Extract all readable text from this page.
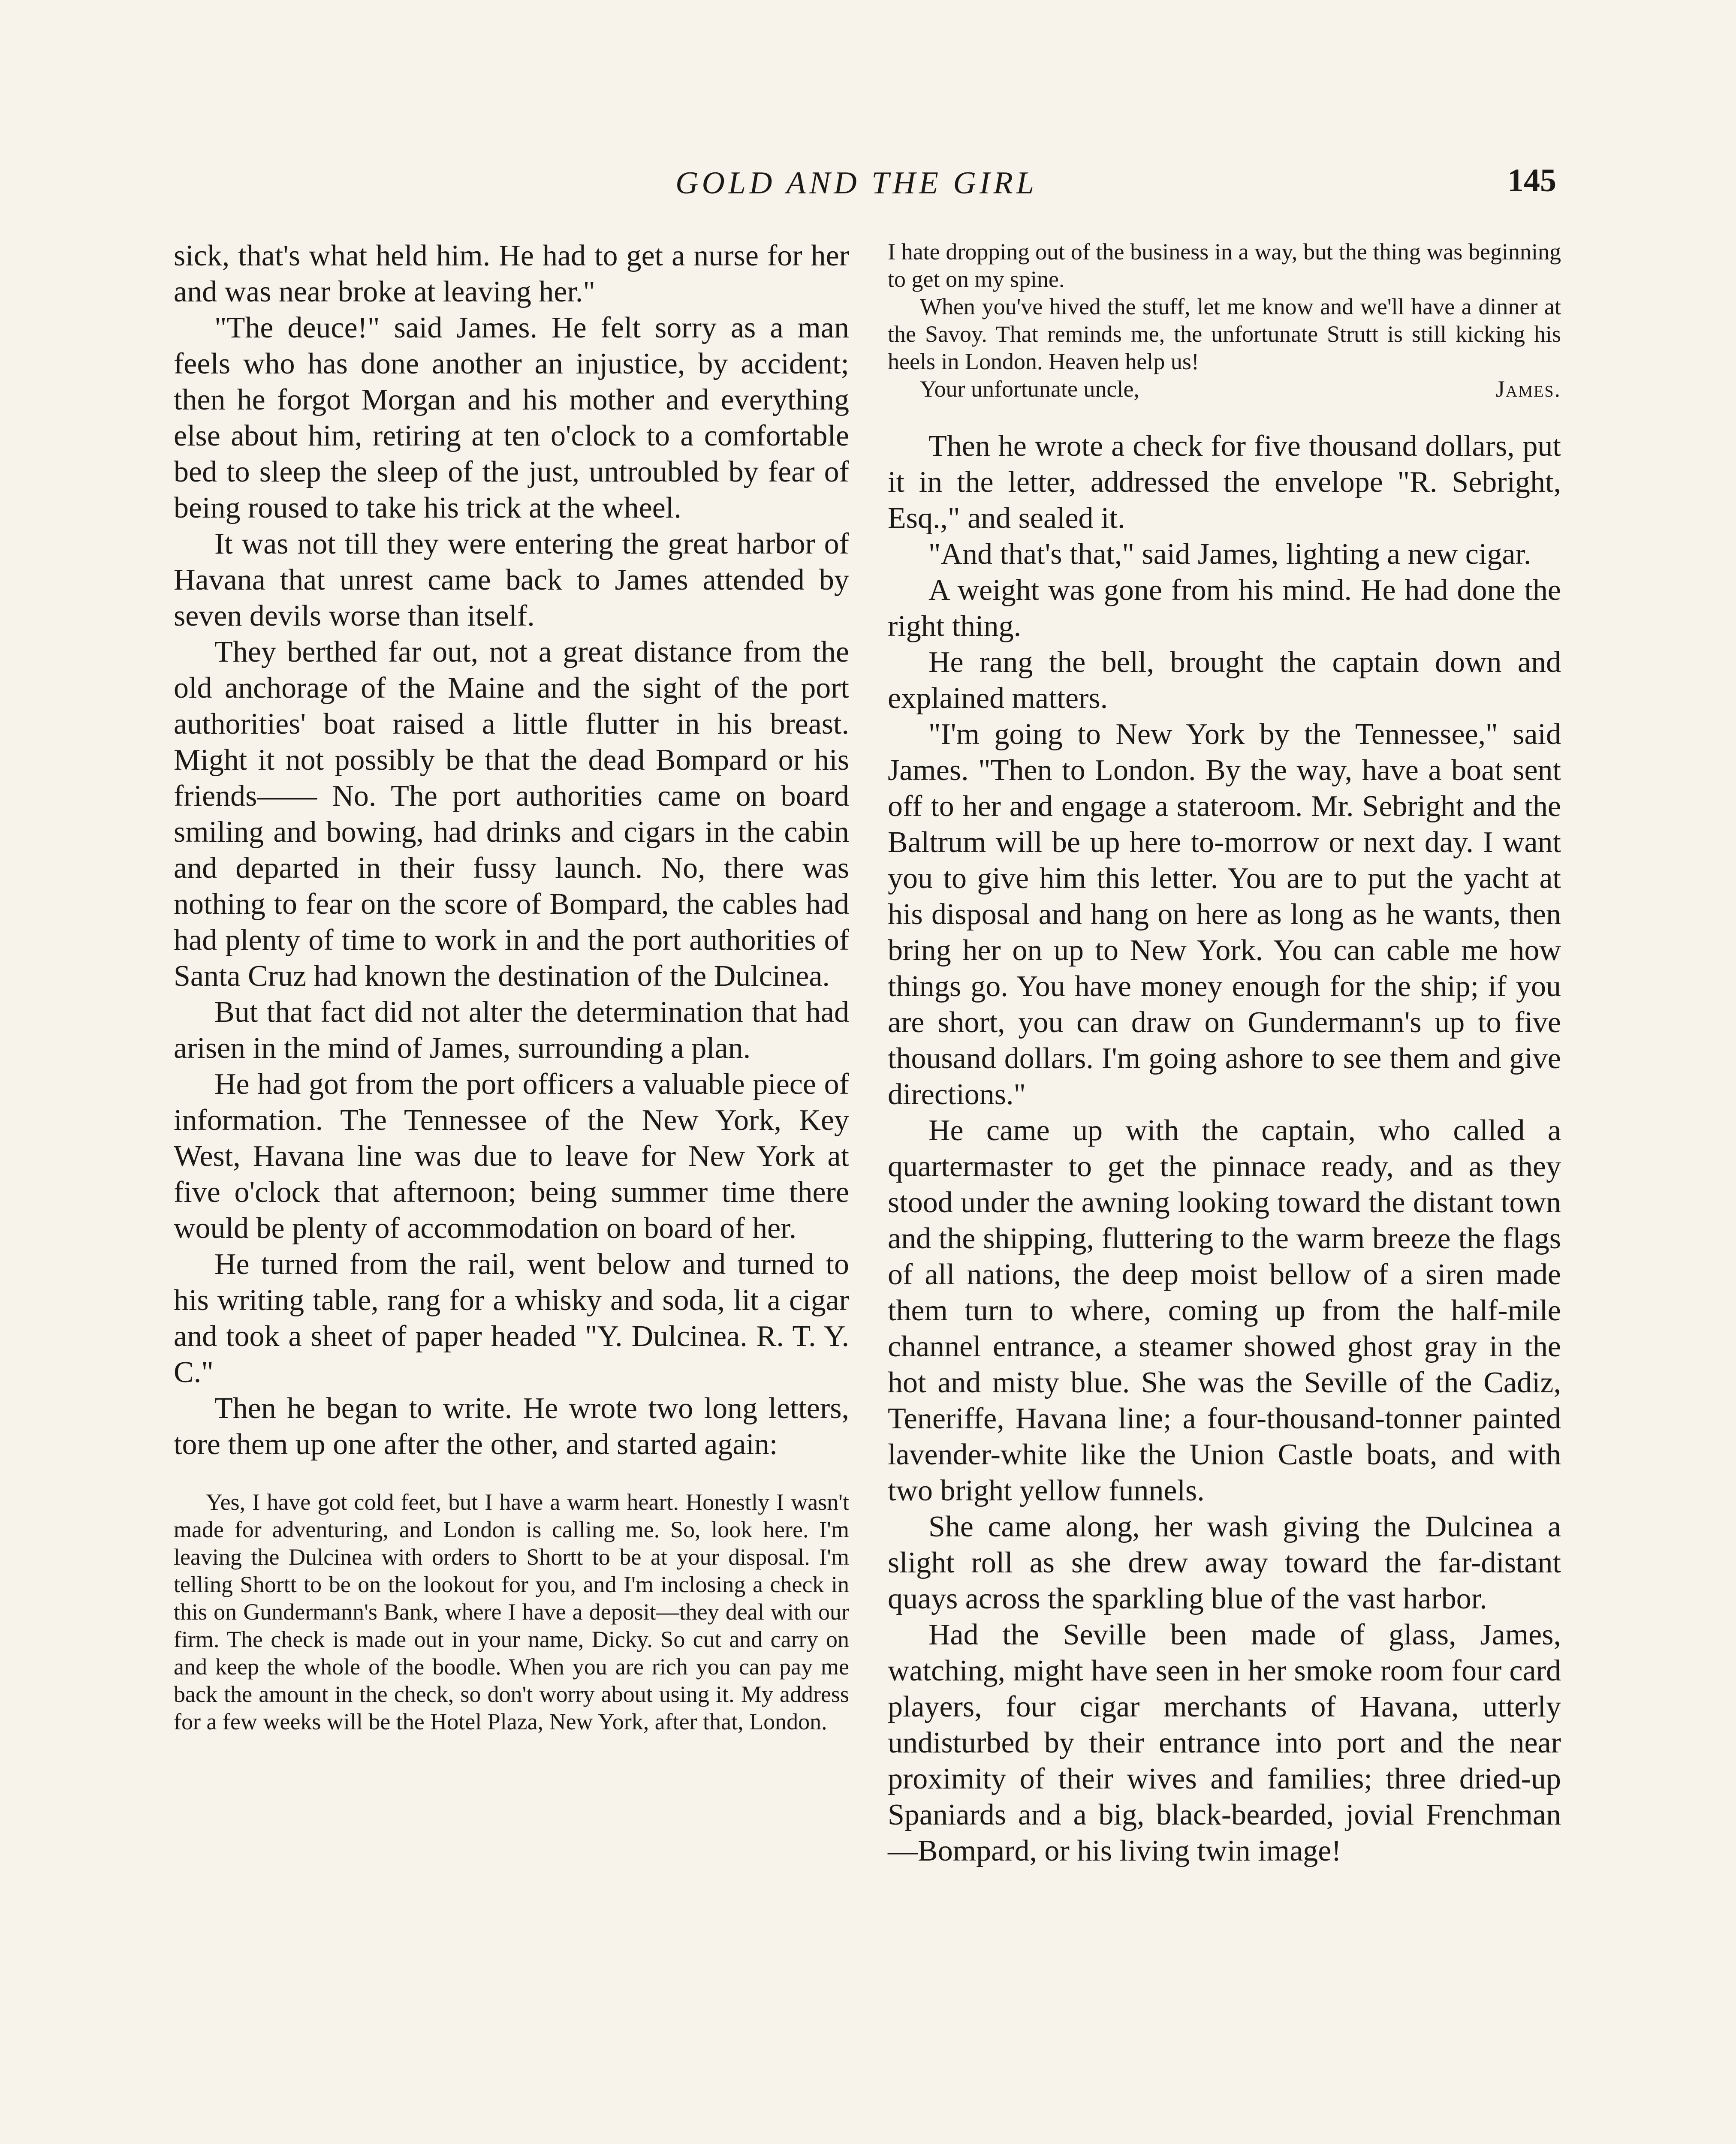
GOLD AND THE GIRL	145

sick, that's what held him. He had to get a nurse for her and was near broke at leaving her."

"The deuce!" said James. He felt sorry as a man feels who has done another an injustice, by accident; then he forgot Morgan and his mother and everything else about him, retiring at ten o'clock to a comfortable bed to sleep the sleep of the just, untroubled by fear of being roused to take his trick at the wheel.

It was not till they were entering the great harbor of Havana that unrest came back to James attended by seven devils worse than itself.

They berthed far out, not a great distance from the old anchorage of the Maine and the sight of the port authorities' boat raised a little flutter in his breast. Might it not possibly be that the dead Bompard or his friends—— No. The port authorities came on board smiling and bowing, had drinks and cigars in the cabin and departed in their fussy launch. No, there was nothing to fear on the score of Bompard, the cables had had plenty of time to work in and the port authorities of Santa Cruz had known the destination of the Dulcinea.

But that fact did not alter the determination that had arisen in the mind of James, surrounding a plan.

He had got from the port officers a valuable piece of information. The Tennessee of the New York, Key West, Havana line was due to leave for New York at five o'clock that afternoon; being summer time there would be plenty of accommodation on board of her.

He turned from the rail, went below and turned to his writing table, rang for a whisky and soda, lit a cigar and took a sheet of paper headed "Y. Dulcinea. R. T. Y. C."

Then he began to write. He wrote two long letters, tore them up one after the other, and started again:

Yes, I have got cold feet, but I have a warm heart. Honestly I wasn't made for adventuring, and London is calling me. So, look here. I'm leaving the Dulcinea with orders to Shortt to be at your disposal. I'm telling Shortt to be on the lookout for you, and I'm inclosing a check in this on Gundermann's Bank, where I have a deposit—they deal with our firm. The check is made out in your name, Dicky. So cut and carry on and keep the whole of the boodle. When you are rich you can pay me back the amount in the check, so don't worry about using it. My address for a few weeks will be the Hotel Plaza, New York, after that, London.

I hate dropping out of the business in a way, but the thing was beginning to get on my spine.

When you've hived the stuff, let me know and we'll have a dinner at the Savoy. That reminds me, the unfortunate Strutt is still kicking his heels in London. Heaven help us!

Your unfortunate uncle,	James.

Then he wrote a check for five thousand dollars, put it in the letter, addressed the envelope "R. Sebright, Esq.," and sealed it.

"And that's that," said James, lighting a new cigar.

A weight was gone from his mind. He had done the right thing.

He rang the bell, brought the captain down and explained matters.

"I'm going to New York by the Tennessee," said James. "Then to London. By the way, have a boat sent off to her and engage a stateroom. Mr. Sebright and the Baltrum will be up here to-morrow or next day. I want you to give him this letter. You are to put the yacht at his disposal and hang on here as long as he wants, then bring her on up to New York. You can cable me how things go. You have money enough for the ship; if you are short, you can draw on Gundermann's up to five thousand dollars. I'm going ashore to see them and give directions."

He came up with the captain, who called a quartermaster to get the pinnace ready, and as they stood under the awning looking toward the distant town and the shipping, fluttering to the warm breeze the flags of all nations, the deep moist bellow of a siren made them turn to where, coming up from the half-mile channel entrance, a steamer showed ghost gray in the hot and misty blue. She was the Seville of the Cadiz, Teneriffe, Havana line; a four-thousand-tonner painted lavender-white like the Union Castle boats, and with two bright yellow funnels.

She came along, her wash giving the Dulcinea a slight roll as she drew away toward the far-distant quays across the sparkling blue of the vast harbor.

Had the Seville been made of glass, James, watching, might have seen in her smoke room four card players, four cigar merchants of Havana, utterly undisturbed by their entrance into port and the near proximity of their wives and families; three dried-up Spaniards and a big, black-bearded, jovial Frenchman—Bompard, or his living twin image!
